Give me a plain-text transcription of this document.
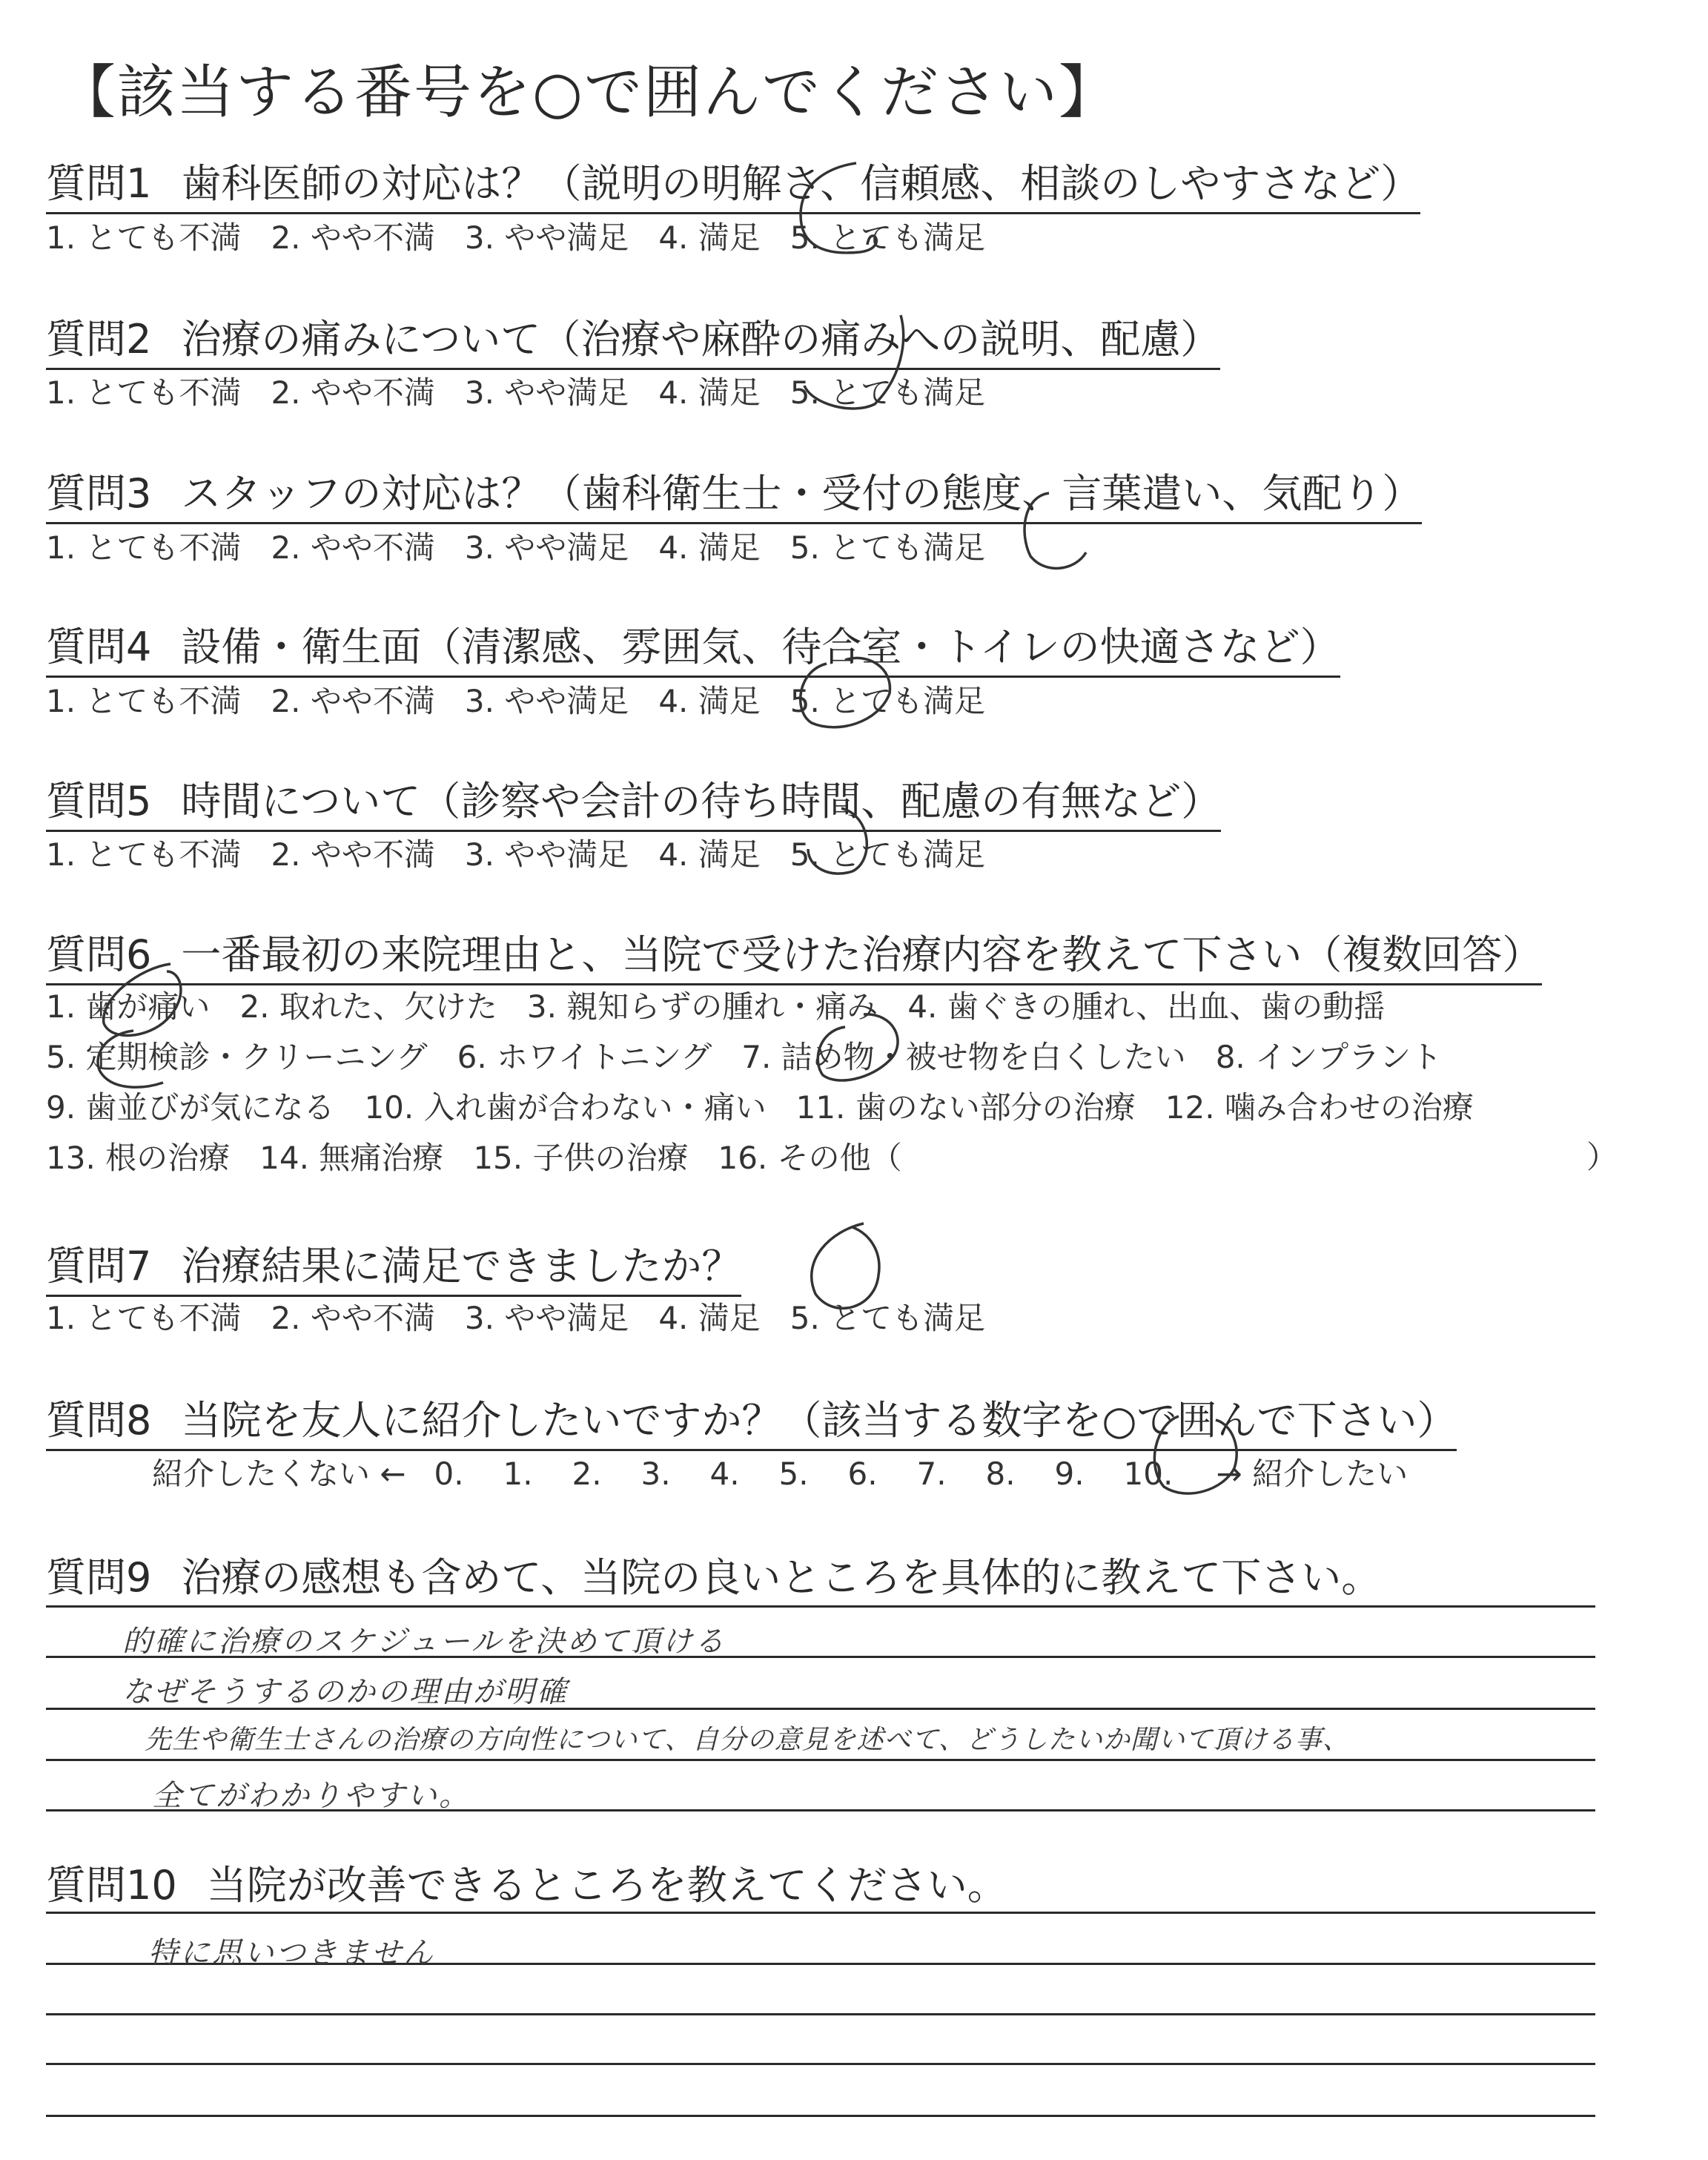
【該当する番号を○で囲んでください】
質問1 歯科医師の対応は？（説明の明解さ、信頼感、相談のしやすさなど）
1. とても不満 2. やや不満 3. やや満足 4. 満足 5. とても満足
質問2 治療の痛みについて（治療や麻酔の痛みへの説明、配慮）
1. とても不満 2. やや不満 3. やや満足 4. 満足 5. とても満足
質問3 スタッフの対応は？（歯科衛生士・受付の態度、言葉遣い、気配り）
1. とても不満 2. やや不満 3. やや満足 4. 満足 5. とても満足
質問4 設備・衛生面（清潔感、雰囲気、待合室・トイレの快適さなど）
1. とても不満 2. やや不満 3. やや満足 4. 満足 5. とても満足
質問5 時間について（診察や会計の待ち時間、配慮の有無など）
1. とても不満 2. やや不満 3. やや満足 4. 満足 5. とても満足
質問6 一番最初の来院理由と、当院で受けた治療内容を教えて下さい（複数回答）
1. 歯が痛い 2. 取れた、欠けた 3. 親知らずの腫れ・痛み 4. 歯ぐきの腫れ、出血、歯の動揺
5. 定期検診・クリーニング 6. ホワイトニング 7. 詰め物・被せ物を白くしたい 8. インプラント
9. 歯並びが気になる 10. 入れ歯が合わない・痛い 11. 歯のない部分の治療 12. 噛み合わせの治療
13. 根の治療 14. 無痛治療 15. 子供の治療 16. その他（	）
質問7 治療結果に満足できましたか？
1. とても不満 2. やや不満 3. やや満足 4. 満足 5. とても満足
質問8 当院を友人に紹介したいですか？（該当する数字を○で囲んで下さい）
紹介したくない ← 0. 1. 2. 3. 4. 5. 6. 7. 8. 9. 10. → 紹介したい
質問9 治療の感想も含めて、当院の良いところを具体的に教えて下さい。
的確に治療のスケジュールを決めて頂ける
なぜそうするのかの理由が明確
先生や衛生士さんの治療の方向性について、自分の意見を述べて、どうしたいか聞いて頂ける事、
全てがわかりやすい。
質問10 当院が改善できるところを教えてください。
特に思いつきません
